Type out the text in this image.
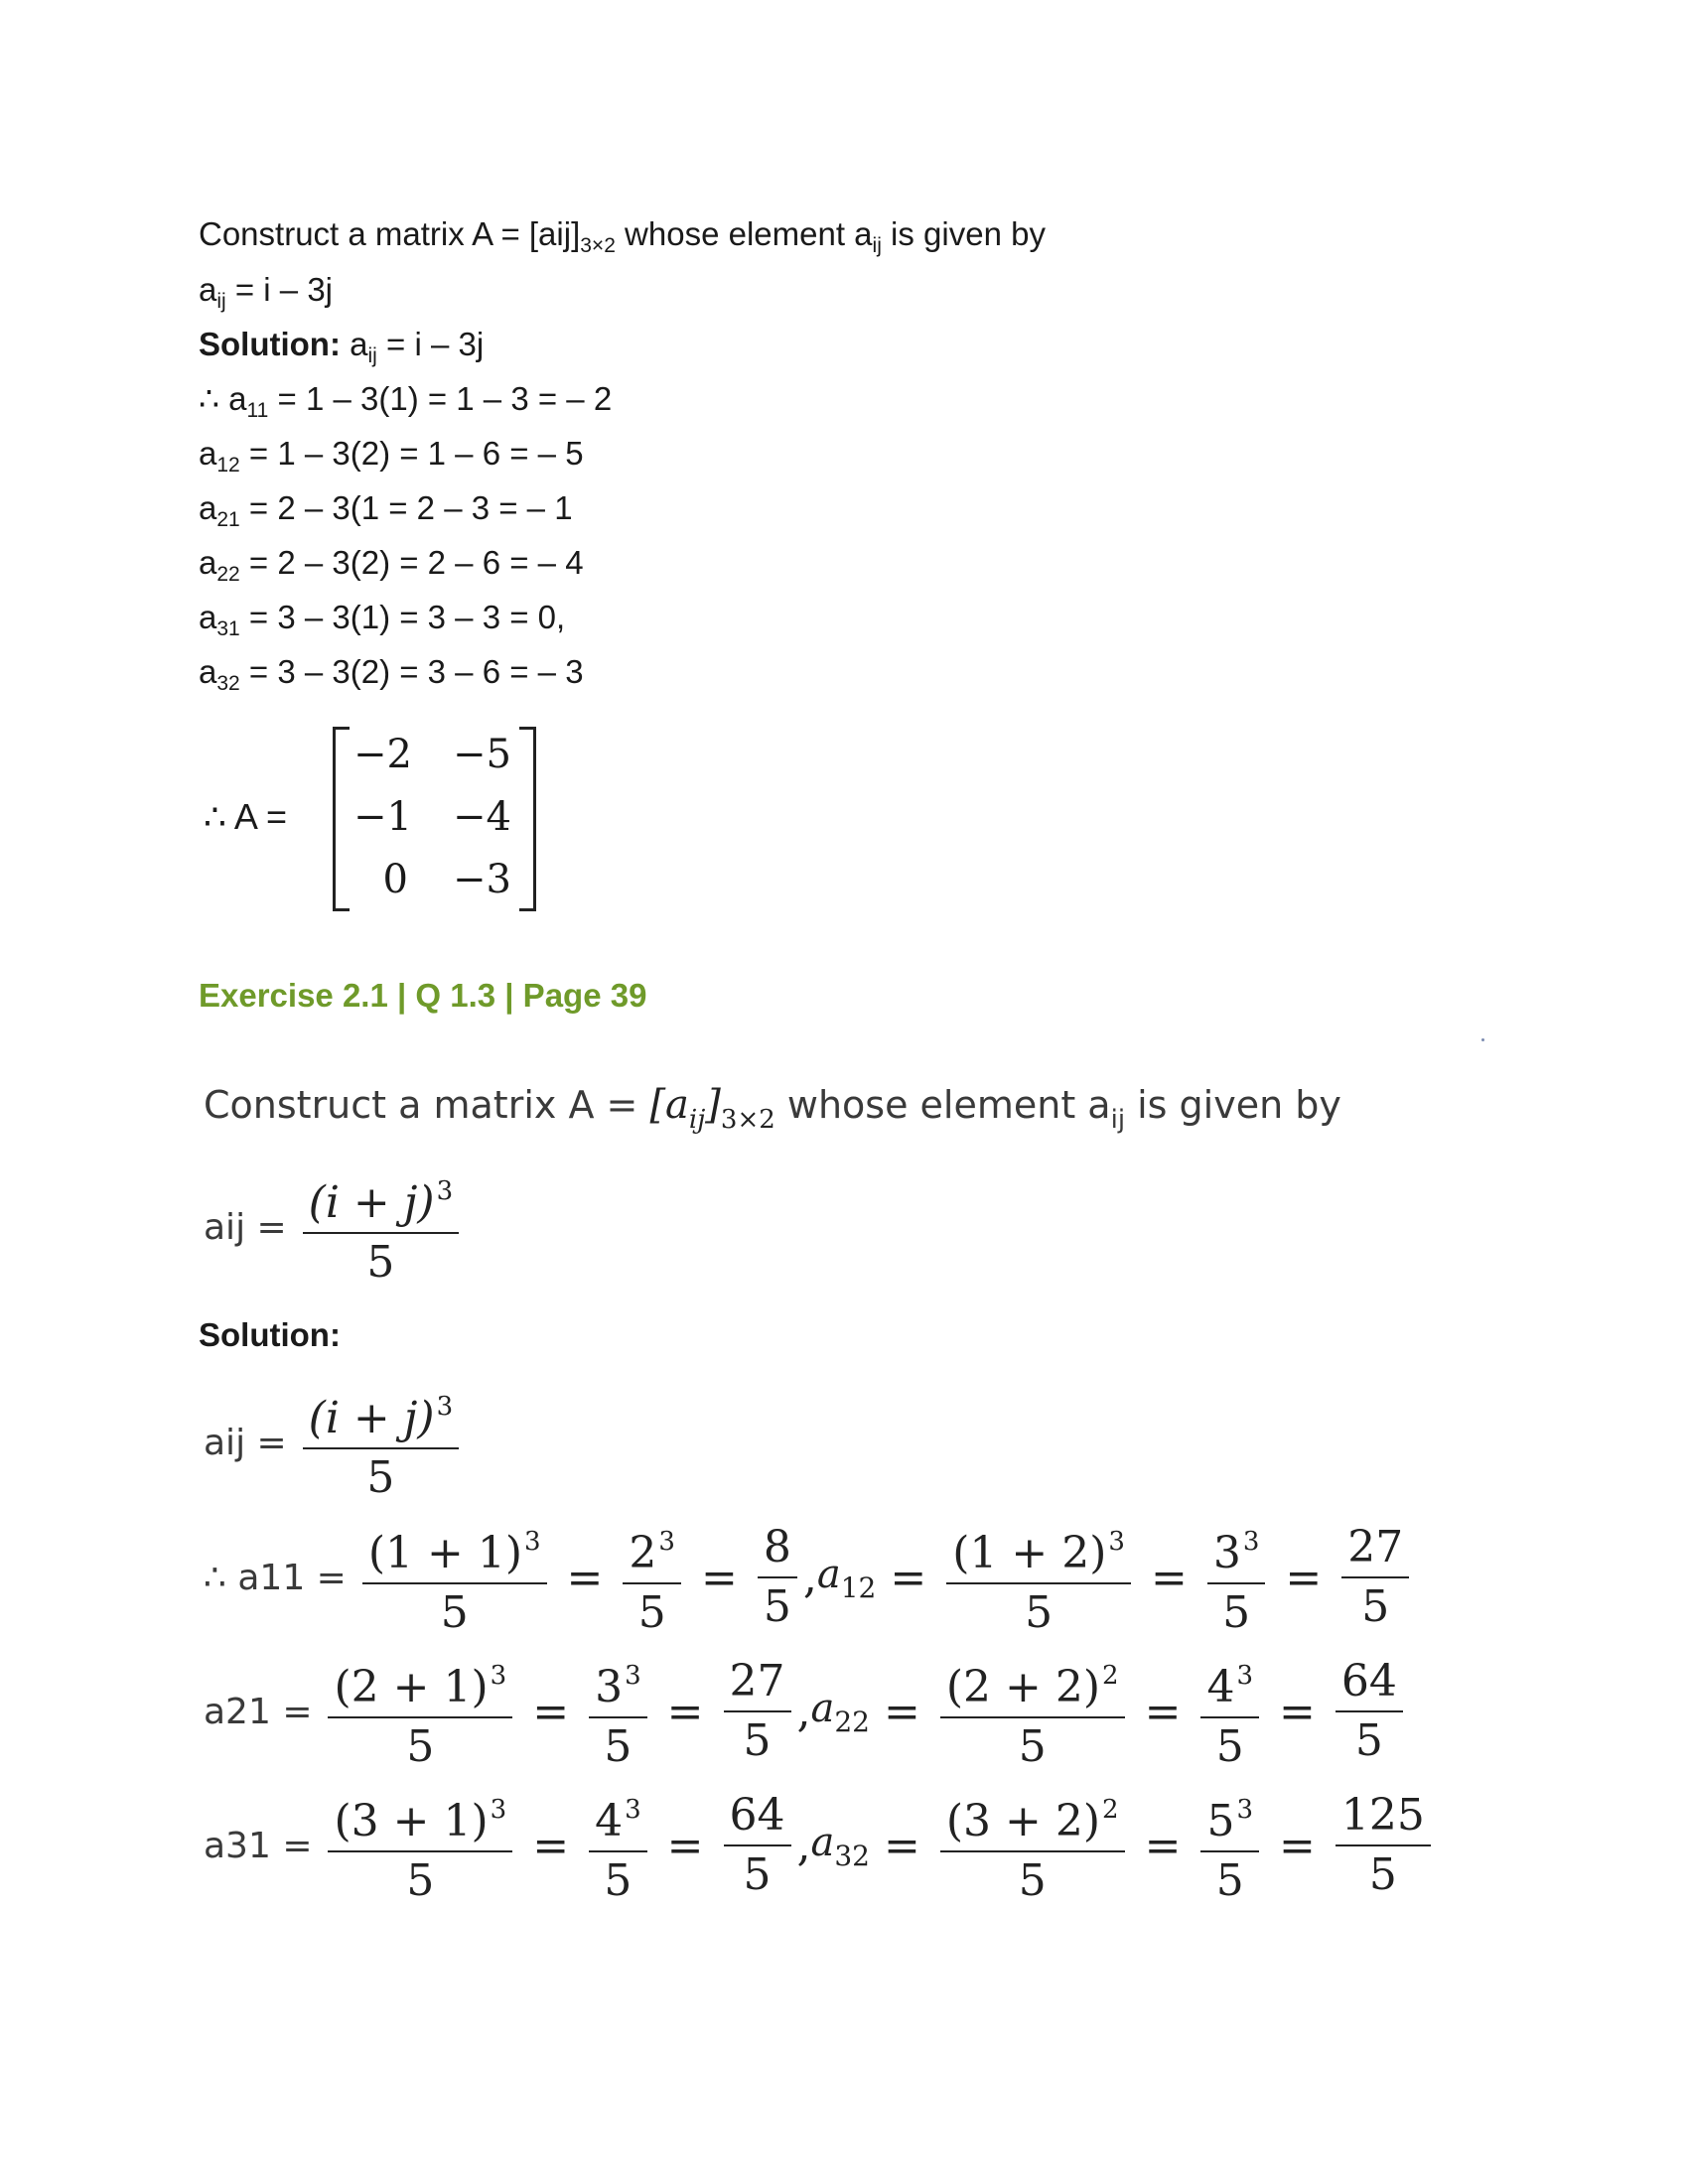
Construct a matrix $A = [aij]_{3\times 2}$ whose element $a_{ij}$ is given by
$a_{ij} = i - 3j$
Solution: $a_{ij} = i - 3j$
∴ $a_{11} = 1 - 3(1) = 1 - 3$ = – 2
$a_{12} = 1 - 3(2) = 1 - 6$ = – 5
$a_{21} = 2 - 3(1 = 2 - 3$ = – 1
$a_{22} = 2 - 3(2) = 2 - 6$ = – 4
$a_{31} = 3 - 3(1) = 3 - 3 = 0$,
$a_{32} = 3 - 3(2) = 3 - 6$ = – 3
∴ A =
−2	−5
−1	−4
0	−3
Exercise 2.1 | Q 1.3 | Page 39
Construct a matrix $A = [a_{ij}]_{3\times 2}$ whose element $a_{ij}$ is given by
aij = $\frac{(i + j)^3}{5}$
Solution:
aij = $\frac{(i + j)^3}{5}$
∴ $a11 = \frac{(1 + 1)^3}{5} = \frac{2^3}{5} = \frac{8}{5}$ , $a_{12} = \frac{(1 + 2)^3}{5} = \frac{3^3}{5} = \frac{27}{5}$
$a21 = \frac{(2 + 1)^3}{5} = \frac{3^3}{5} = \frac{27}{5}$ , $a_{22} = \frac{(2 + 2)^2}{5} = \frac{4^3}{5} = \frac{64}{5}$
$a31 = \frac{(3 + 1)^3}{5} = \frac{4^3}{5} = \frac{64}{5}$ , $a_{32} = \frac{(3 + 2)^2}{5} = \frac{5^3}{5} = \frac{125}{5}$
